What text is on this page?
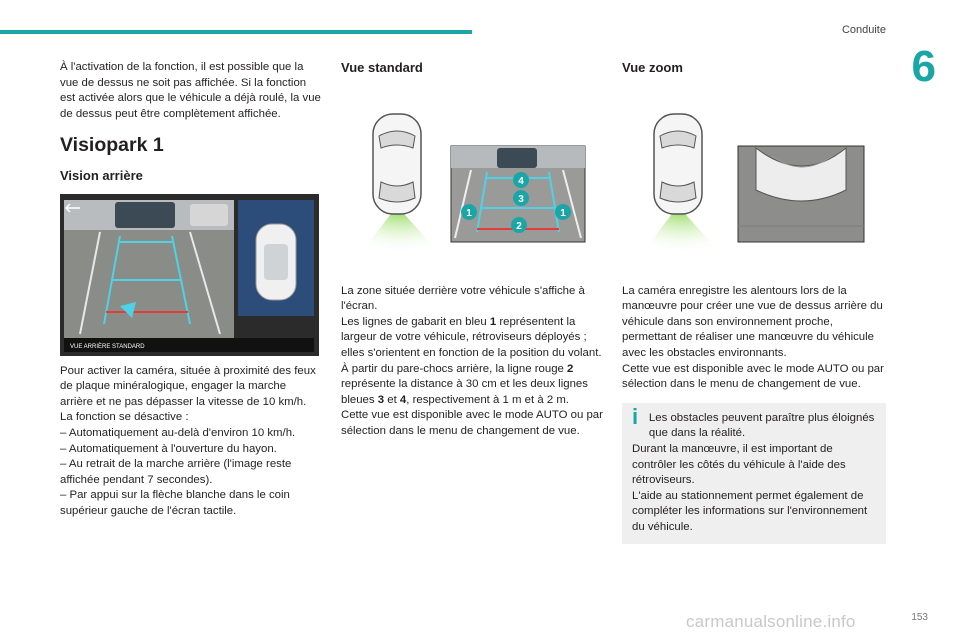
Conduite
6

À l'activation de la fonction, il est possible que la vue de dessus ne soit pas affichée. Si la fonction est activée alors que le véhicule a déjà roulé, la vue de dessus peut être complètement affichée.

Visiopark 1
Vision arrière
VUE ARRIÈRE STANDARD

Pour activer la caméra, située à proximité des feux de plaque minéralogique, engager la marche arrière et ne pas dépasser la vitesse de 10 km/h.

La fonction se désactive :

– Automatiquement au-delà d'environ 10 km/h.

– Automatiquement à l'ouverture du hayon.

– Au retrait de la marche arrière (l'image reste affichée pendant 7 secondes).

– Par appui sur la flèche blanche dans le coin supérieur gauche de l'écran tactile.

Vue standard
4
3
1	1
2

La zone située derrière votre véhicule s'affiche à l'écran.

Les lignes de gabarit en bleu 1 représentent la largeur de votre véhicule, rétroviseurs déployés ; elles s'orientent en fonction de la position du volant.

À partir du pare-chocs arrière, la ligne rouge 2 représente la distance à 30 cm et les deux lignes bleues 3 et 4, respectivement à 1 m et à 2 m.

Cette vue est disponible avec le mode AUTO ou par sélection dans le menu de changement de vue.

Vue zoom

La caméra enregistre les alentours lors de la manœuvre pour créer une vue de dessus arrière du véhicule dans son environnement proche, permettant de réaliser une manœuvre du véhicule avec les obstacles environnants.

Cette vue est disponible avec le mode AUTO ou par sélection dans le menu de changement de vue.

i Les obstacles peuvent paraître plus éloignés que dans la réalité.

Durant la manœuvre, il est important de contrôler les côtés du véhicule à l'aide des rétroviseurs.

L'aide au stationnement permet également de compléter les informations sur l'environnement du véhicule.

carmanualsonline.info	153
